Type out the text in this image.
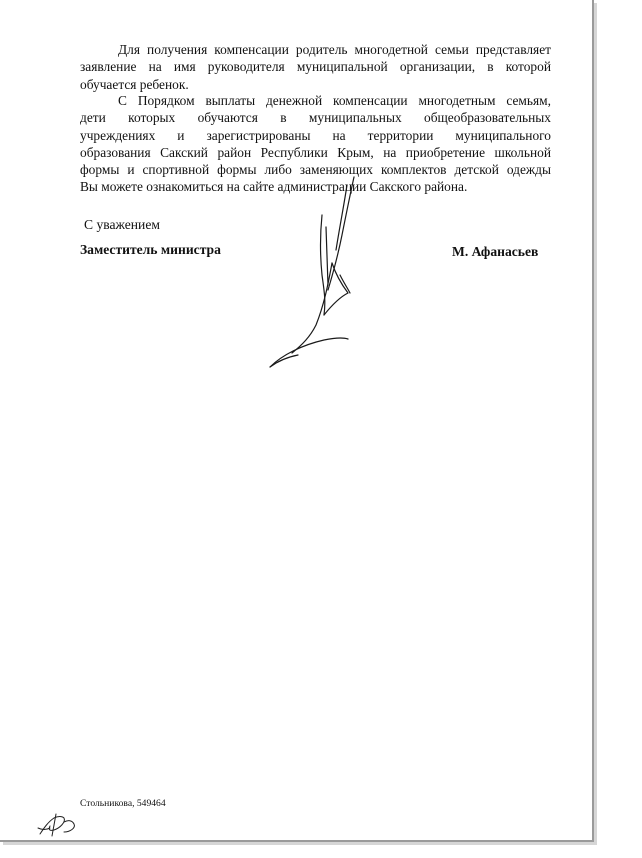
Для получения компенсации родитель многодетной семьи представляет
заявление на имя руководителя муниципальной организации, в которой
обучается ребенок.

С Порядком выплаты денежной компенсации многодетным семьям,
дети которых обучаются в муниципальных общеобразовательных
учреждениях и зарегистрированы на территории муниципального
образования Сакский район Республики Крым, на приобретение школьной
формы и спортивной формы либо заменяющих комплектов детской одежды
Вы можете ознакомиться на сайте администрации Сакского района.

С уважением
Заместитель министра	М. Афанасьев
Стольникова, 549464
